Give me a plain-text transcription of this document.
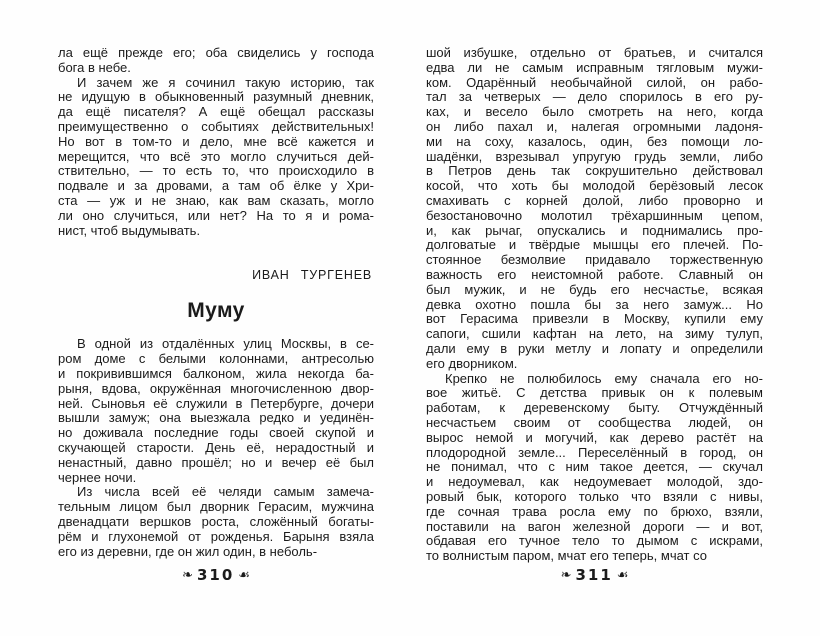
ла ещё прежде его; оба свиделись у господа
бога в небе.

И зачем же я сочинил такую историю, так
не идущую в обыкновенный разумный дневник,
да ещё писателя? А ещё обещал рассказы
преимущественно о событиях действительных!
Но вот в том-то и дело, мне всё кажется и
мерещится, что всё это могло случиться дей-
ствительно, — то есть то, что происходило в
подвале и за дровами, а там об ёлке у Хри-
ста — уж и не знаю, как вам сказать, могло
ли оно случиться, или нет? На то я и рома-
нист, чтоб выдумывать.

ИВАН ТУРГЕНЕВ
Муму

В одной из отдалённых улиц Москвы, в се-
ром доме с белыми колоннами, антресолью
и покривившимся балконом, жила некогда ба-
рыня, вдова, окружённая многочисленною двор-
ней. Сыновья её служили в Петербурге, дочери
вышли замуж; она выезжала редко и уединён-
но доживала последние годы своей скупой и
скучающей старости. День её, нерадостный и
ненастный, давно прошёл; но и вечер её был
чернее ночи.

Из числа всей её челяди самым замеча-
тельным лицом был дворник Герасим, мужчина
двенадцати вершков роста, сложённый богаты-
рём и глухонемой от рожденья. Барыня взяла
его из деревни, где он жил один, в неболь-

❧ 310 ☙

шой избушке, отдельно от братьев, и считался
едва ли не самым исправным тягловым мужи-
ком. Одарённый необычайной силой, он рабо-
тал за четверых — дело спорилось в его ру-
ках, и весело было смотреть на него, когда
он либо пахал и, налегая огромными ладоня-
ми на соху, казалось, один, без помощи ло-
шадёнки, взрезывал упругую грудь земли, либо
в Петров день так сокрушительно действовал
косой, что хоть бы молодой берёзовый лесок
смахивать с корней долой, либо проворно и
безостановочно молотил трёхаршинным цепом,
и, как рычаг, опускались и поднимались про-
долговатые и твёрдые мышцы его плечей. По-
стоянное безмолвие придавало торжественную
важность его неистомной работе. Славный он
был мужик, и не будь его несчастье, всякая
девка охотно пошла бы за него замуж... Но
вот Герасима привезли в Москву, купили ему
сапоги, сшили кафтан на лето, на зиму тулуп,
дали ему в руки метлу и лопату и определили
его дворником.

Крепко не полюбилось ему сначала его но-
вое житьё. С детства привык он к полевым
работам, к деревенскому быту. Отчуждённый
несчастьем своим от сообщества людей, он
вырос немой и могучий, как дерево растёт на
плодородной земле... Переселённый в город, он
не понимал, что с ним такое деется, — скучал
и недоумевал, как недоумевает молодой, здо-
ровый бык, которого только что взяли с нивы,
где сочная трава росла ему по брюхо, взяли,
поставили на вагон железной дороги — и вот,
обдавая его тучное тело то дымом с искрами,
то волнистым паром, мчат его теперь, мчат со

❧ 311 ☙
